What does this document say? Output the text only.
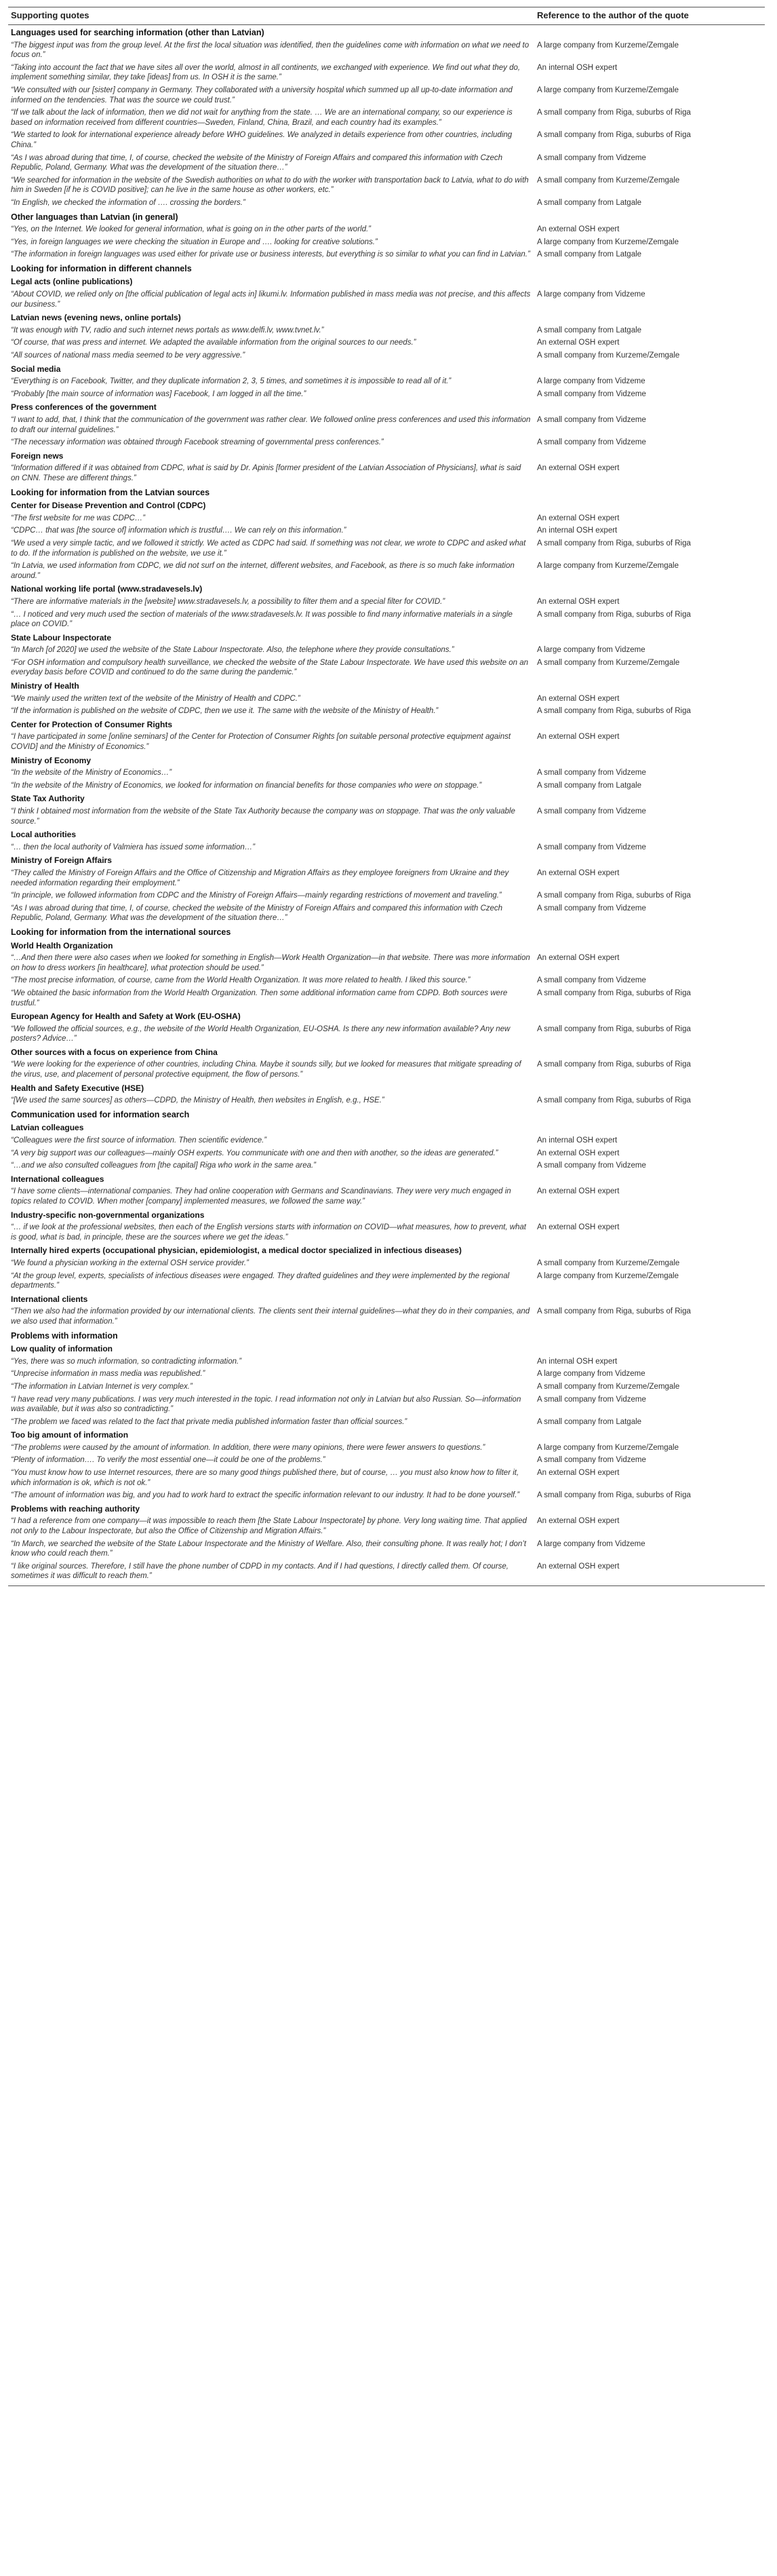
Supporting quotes	Reference to the author of the quote
Languages used for searching information (other than Latvian)	
“The biggest input was from the group level. At the first the local situation was identified, then the guidelines come with information on what we need to focus on.”	A large company from Kurzeme/Zemgale
“Taking into account the fact that we have sites all over the world, almost in all continents, we exchanged with experience. We find out what they do, implement something similar, they take [ideas] from us. In OSH it is the same.”	An internal OSH expert
“We consulted with our [sister] company in Germany. They collaborated with a university hospital which summed up all up-to-date information and informed on the tendencies. That was the source we could trust.”	A large company from Kurzeme/Zemgale
“If we talk about the lack of information, then we did not wait for anything from the state. … We are an international company, so our experience is based on information received from different countries—Sweden, Finland, China, Brazil, and each country had its examples.”	A small company from Riga, suburbs of Riga
“We started to look for international experience already before WHO guidelines. We analyzed in details experience from other countries, including China.”	A small company from Riga, suburbs of Riga
“As I was abroad during that time, I, of course, checked the website of the Ministry of Foreign Affairs and compared this information with Czech Republic, Poland, Germany. What was the development of the situation there…”	A small company from Vidzeme
“We searched for information in the website of the Swedish authorities on what to do with the worker with transportation back to Latvia, what to do with him in Sweden [if he is COVID positive]; can he live in the same house as other workers, etc.”	A small company from Kurzeme/Zemgale
“In English, we checked the information of …. crossing the borders.”	A small company from Latgale
Other languages than Latvian (in general)	
“Yes, on the Internet. We looked for general information, what is going on in the other parts of the world.”	An external OSH expert
“Yes, in foreign languages we were checking the situation in Europe and …. looking for creative solutions.”	A large company from Kurzeme/Zemgale
“The information in foreign languages was used either for private use or business interests, but everything is so similar to what you can find in Latvian.”	A small company from Latgale
Looking for information in different channels	
Legal acts (online publications)	
“About COVID, we relied only on [the official publication of legal acts in] likumi.lv. Information published in mass media was not precise, and this affects our business.”	A large company from Vidzeme
Latvian news (evening news, online portals)	
“It was enough with TV, radio and such internet news portals as www.delfi.lv, www.tvnet.lv.”	A small company from Latgale
“Of course, that was press and internet. We adapted the available information from the original sources to our needs.”	An external OSH expert
“All sources of national mass media seemed to be very aggressive.”	A small company from Kurzeme/Zemgale
Social media	
“Everything is on Facebook, Twitter, and they duplicate information 2, 3, 5 times, and sometimes it is impossible to read all of it.”	A large company from Vidzeme
“Probably [the main source of information was] Facebook, I am logged in all the time.”	A small company from Vidzeme
Press conferences of the government	
“I want to add, that, I think that the communication of the government was rather clear. We followed online press conferences and used this information to draft our internal guidelines.”	A small company from Vidzeme
“The necessary information was obtained through Facebook streaming of governmental press conferences.”	A small company from Vidzeme
Foreign news	
“Information differed if it was obtained from CDPC, what is said by Dr. Apinis [former president of the Latvian Association of Physicians], what is said on CNN. These are different things.”	An external OSH expert
Looking for information from the Latvian sources	
Center for Disease Prevention and Control (CDPC)	
“The first website for me was CDPC…”	An external OSH expert
“CDPC… that was [the source of] information which is trustful…. We can rely on this information.”	An internal OSH expert
“We used a very simple tactic, and we followed it strictly. We acted as CDPC had said. If something was not clear, we wrote to CDPC and asked what to do. If the information is published on the website, we use it.”	A small company from Riga, suburbs of Riga
“In Latvia, we used information from CDPC, we did not surf on the internet, different websites, and Facebook, as there is so much fake information around.”	A large company from Kurzeme/Zemgale
National working life portal (www.stradavesels.lv)	
“There are informative materials in the [website] www.stradavesels.lv, a possibility to filter them and a special filter for COVID.”	An external OSH expert
“… I noticed and very much used the section of materials of the www.stradavesels.lv. It was possible to find many informative materials in a single place on COVID.”	A small company from Riga, suburbs of Riga
State Labour Inspectorate	
“In March [of 2020] we used the website of the State Labour Inspectorate. Also, the telephone where they provide consultations.”	A large company from Vidzeme
“For OSH information and compulsory health surveillance, we checked the website of the State Labour Inspectorate. We have used this website on an everyday basis before COVID and continued to do the same during the pandemic.”	A small company from Kurzeme/Zemgale
Ministry of Health	
“We mainly used the written text of the website of the Ministry of Health and CDPC.”	An external OSH expert
“If the information is published on the website of CDPC, then we use it. The same with the website of the Ministry of Health.”	A small company from Riga, suburbs of Riga
Center for Protection of Consumer Rights	
“I have participated in some [online seminars] of the Center for Protection of Consumer Rights [on suitable personal protective equipment against COVID] and the Ministry of Economics.”	An external OSH expert
Ministry of Economy	
“In the website of the Ministry of Economics…”	A small company from Vidzeme
“In the website of the Ministry of Economics, we looked for information on financial benefits for those companies who were on stoppage.”	A small company from Latgale
State Tax Authority	
“I think I obtained most information from the website of the State Tax Authority because the company was on stoppage. That was the only valuable source.”	A small company from Vidzeme
Local authorities	
“… then the local authority of Valmiera has issued some information…”	A small company from Vidzeme
Ministry of Foreign Affairs	
“They called the Ministry of Foreign Affairs and the Office of Citizenship and Migration Affairs as they employee foreigners from Ukraine and they needed information regarding their employment.”	An external OSH expert
“In principle, we followed information from CDPC and the Ministry of Foreign Affairs—mainly regarding restrictions of movement and traveling.”	A small company from Riga, suburbs of Riga
“As I was abroad during that time, I, of course, checked the website of the Ministry of Foreign Affairs and compared this information with Czech Republic, Poland, Germany. What was the development of the situation there…”	A small company from Vidzeme
Looking for information from the international sources	
World Health Organization	
“…And then there were also cases when we looked for something in English—Work Health Organization—in that website. There was more information on how to dress workers [in healthcare], what protection should be used.”	An external OSH expert
“The most precise information, of course, came from the World Health Organization. It was more related to health. I liked this source.”	A small company from Vidzeme
“We obtained the basic information from the World Health Organization. Then some additional information came from CDPD. Both sources were trustful.”	A small company from Riga, suburbs of Riga
European Agency for Health and Safety at Work (EU-OSHA)	
“We followed the official sources, e.g., the website of the World Health Organization, EU-OSHA. Is there any new information available? Any new posters? Advice…”	A small company from Riga, suburbs of Riga
Other sources with a focus on experience from China	
“We were looking for the experience of other countries, including China. Maybe it sounds silly, but we looked for measures that mitigate spreading of the virus, use, and placement of personal protective equipment, the flow of persons.”	A small company from Riga, suburbs of Riga
Health and Safety Executive (HSE)	
“[We used the same sources] as others—CDPD, the Ministry of Health, then websites in English, e.g., HSE.”	A small company from Riga, suburbs of Riga
Communication used for information search	
Latvian colleagues	
“Colleagues were the first source of information. Then scientific evidence.”	An internal OSH expert
“A very big support was our colleagues—mainly OSH experts. You communicate with one and then with another, so the ideas are generated.”	An external OSH expert
“…and we also consulted colleagues from [the capital] Riga who work in the same area.”	A small company from Vidzeme
International colleagues	
“I have some clients—international companies. They had online cooperation with Germans and Scandinavians. They were very much engaged in topics related to COVID. When mother [company] implemented measures, we followed the same way.”	An external OSH expert
Industry-specific non-governmental organizations	
“… if we look at the professional websites, then each of the English versions starts with information on COVID—what measures, how to prevent, what is good, what is bad, in principle, these are the sources where we get the ideas.”	An external OSH expert
Internally hired experts (occupational physician, epidemiologist, a medical doctor specialized in infectious diseases)	
“We found a physician working in the external OSH service provider.”	A small company from Kurzeme/Zemgale
“At the group level, experts, specialists of infectious diseases were engaged. They drafted guidelines and they were implemented by the regional departments.”	A large company from Kurzeme/Zemgale
International clients	
“Then we also had the information provided by our international clients. The clients sent their internal guidelines—what they do in their companies, and we also used that information.”	A small company from Riga, suburbs of Riga
Problems with information	
Low quality of information	
“Yes, there was so much information, so contradicting information.”	An internal OSH expert
“Unprecise information in mass media was republished.”	A large company from Vidzeme
“The information in Latvian Internet is very complex.”	A small company from Kurzeme/Zemgale
“I have read very many publications. I was very much interested in the topic. I read information not only in Latvian but also Russian. So—information was available, but it was also so contradicting.”	A small company from Vidzeme
“The problem we faced was related to the fact that private media published information faster than official sources.”	A small company from Latgale
Too big amount of information	
“The problems were caused by the amount of information. In addition, there were many opinions, there were fewer answers to questions.”	A large company from Kurzeme/Zemgale
“Plenty of information…. To verify the most essential one—it could be one of the problems.”	A small company from Vidzeme
“You must know how to use Internet resources, there are so many good things published there, but of course, … you must also know how to filter it, which information is ok, which is not ok.”	An external OSH expert
“The amount of information was big, and you had to work hard to extract the specific information relevant to our industry. It had to be done yourself.”	A small company from Riga, suburbs of Riga
Problems with reaching authority	
“I had a reference from one company—it was impossible to reach them [the State Labour Inspectorate] by phone. Very long waiting time. That applied not only to the Labour Inspectorate, but also the Office of Citizenship and Migration Affairs.”	An external OSH expert
“In March, we searched the website of the State Labour Inspectorate and the Ministry of Welfare. Also, their consulting phone. It was really hot; I don’t know who could reach them.”	A large company from Vidzeme
“I like original sources. Therefore, I still have the phone number of CDPD in my contacts. And if I had questions, I directly called them. Of course, sometimes it was difficult to reach them.”	An external OSH expert
